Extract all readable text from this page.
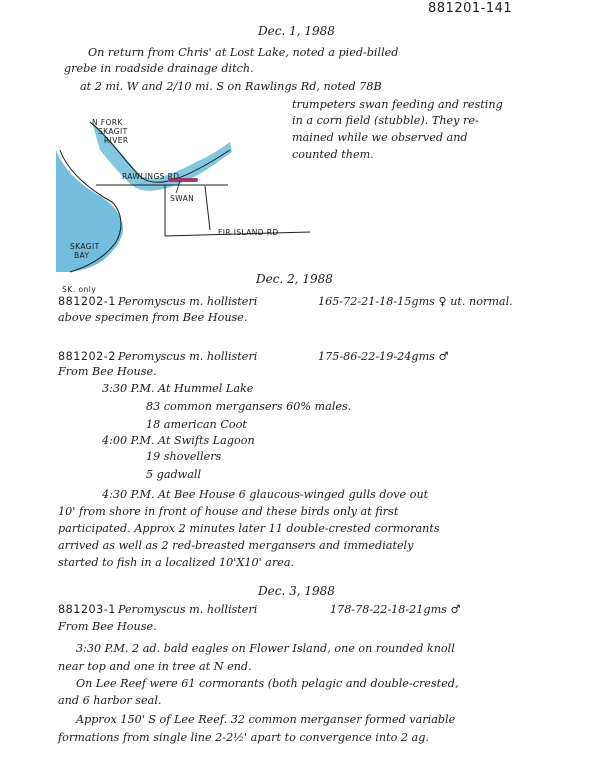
881201-141
Dec. 1, 1988
On return from Chris' at Lost Lake, noted a pied-billed
grebe in roadside drainage ditch.
at 2 mi. W and 2/10 mi. S on Rawlings Rd, noted 78B
trumpeters swan feeding and resting
in a corn field (stubble). They re-
mained while we observed and
counted them.
N FORK
SKAGIT
RIVER
RAWLINGS RD
SWAN
FIR ISLAND RD
SKAGIT
BAY
Dec. 2, 1988
SK. only
881202-1 Peromyscus m. hollisteri	165-72-21-18-15gms ♀ ut. normal.
above specimen from Bee House.
881202-2 Peromyscus m. hollisteri	175-86-22-19-24gms ♂
From Bee House.
3:30 P.M. At Hummel Lake
83 common mergansers 60% males.
18 american Coot
4:00 P.M. At Swifts Lagoon
19 shovellers
5 gadwall
4:30 P.M. At Bee House 6 glaucous-winged gulls dove out
10' from shore in front of house and these birds only at first
participated. Approx 2 minutes later 11 double-crested cormorants
arrived as well as 2 red-breasted mergansers and immediately
started to fish in a localized 10'X10' area.
Dec. 3, 1988
881203-1 Peromyscus m. hollisteri	178-78-22-18-21gms ♂
From Bee House.
3:30 P.M. 2 ad. bald eagles on Flower Island, one on rounded knoll
near top and one in tree at N end.
On Lee Reef were 61 cormorants (both pelagic and double-crested,
and 6 harbor seal.
Approx 150' S of Lee Reef. 32 common merganser formed variable
formations from single line 2-2½' apart to convergence into 2 ag.
